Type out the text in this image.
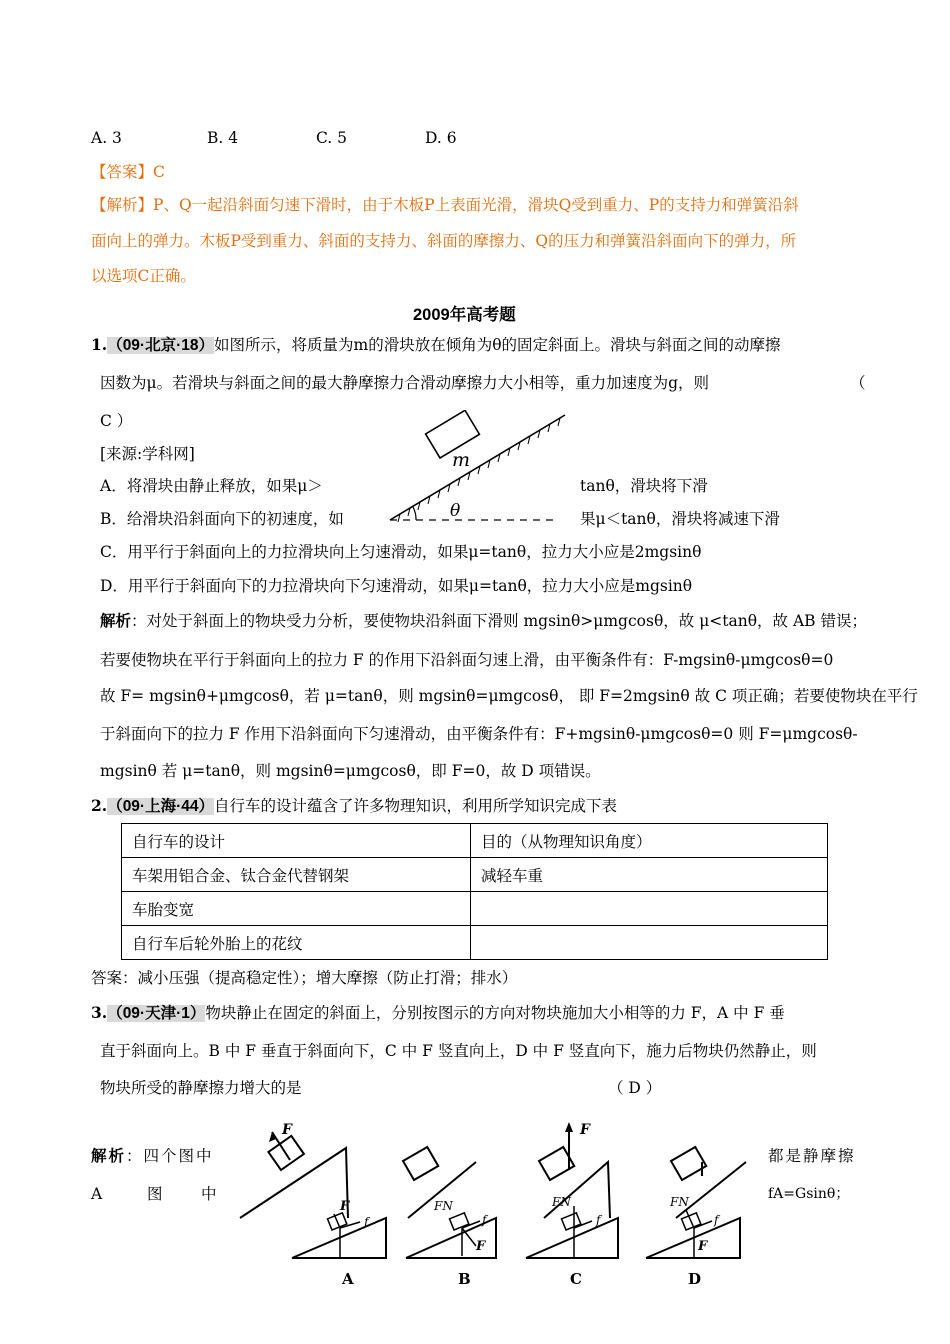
A. 3	B. 4	C. 5	D. 6
【答案】C
【解析】P、Q一起沿斜面匀速下滑时，由于木板P上表面光滑，滑块Q受到重力、P的支持力和弹簧沿斜
面向上的弹力。木板P受到重力、斜面的支持力、斜面的摩擦力、Q的压力和弹簧沿斜面向下的弹力，所
以选项C正确。
2009年高考题
1.（09·北京·18）如图所示，将质量为m的滑块放在倾角为θ的固定斜面上。滑块与斜面之间的动摩擦
因数为μ。若滑块与斜面之间的最大静摩擦力合滑动摩擦力大小相等，重力加速度为g，则	（
C ）
[来源:学科网]
A．将滑块由静止释放，如果μ＞	tanθ，滑块将下滑
B．给滑块沿斜面向下的初速度，如	果μ＜tanθ，滑块将减速下滑
C．用平行于斜面向上的力拉滑块向上匀速滑动，如果μ=tanθ，拉力大小应是2mgsinθ
D．用平行于斜面向下的力拉滑块向下匀速滑动，如果μ=tanθ，拉力大小应是mgsinθ
m
θ
解析：对处于斜面上的物块受力分析，要使物块沿斜面下滑则 mgsinθ>μmgcosθ，故 μ<tanθ，故 AB 错误；
若要使物块在平行于斜面向上的拉力 F 的作用下沿斜面匀速上滑，由平衡条件有：F-mgsinθ-μmgcosθ=0
故 F= mgsinθ+μmgcosθ，若 μ=tanθ，则 mgsinθ=μmgcosθ， 即 F=2mgsinθ 故 C 项正确；若要使物块在平行
于斜面向下的拉力 F 作用下沿斜面向下匀速滑动，由平衡条件有：F+mgsinθ-μmgcosθ=0 则 F=μmgcosθ-
mgsinθ 若 μ=tanθ，则 mgsinθ=μmgcosθ，即 F=0，故 D 项错误。
2.（09·上海·44）自行车的设计蕴含了许多物理知识，利用所学知识完成下表
自行车的设计	目的（从物理知识角度）
车架用铝合金、钛合金代替钢架	减轻车重
车胎变宽	
自行车后轮外胎上的花纹	
答案：减小压强（提高稳定性）；增大摩擦（防止打滑；排水）
3.（09·天津·1）物块静止在固定的斜面上，分别按图示的方向对物块施加大小相等的力 F，A 中 F 垂
直于斜面向上。B 中 F 垂直于斜面向下，C 中 F 竖直向上，D 中 F 竖直向下，施力后物块仍然静止，则
物块所受的静摩擦力增大的是	（ D ）
解析：四个图中	都是静摩擦
A	图 中	fA=Gsinθ；
F
F
f
A
FN
F
f
B
F
FN
f
C
FN
F
f
D
